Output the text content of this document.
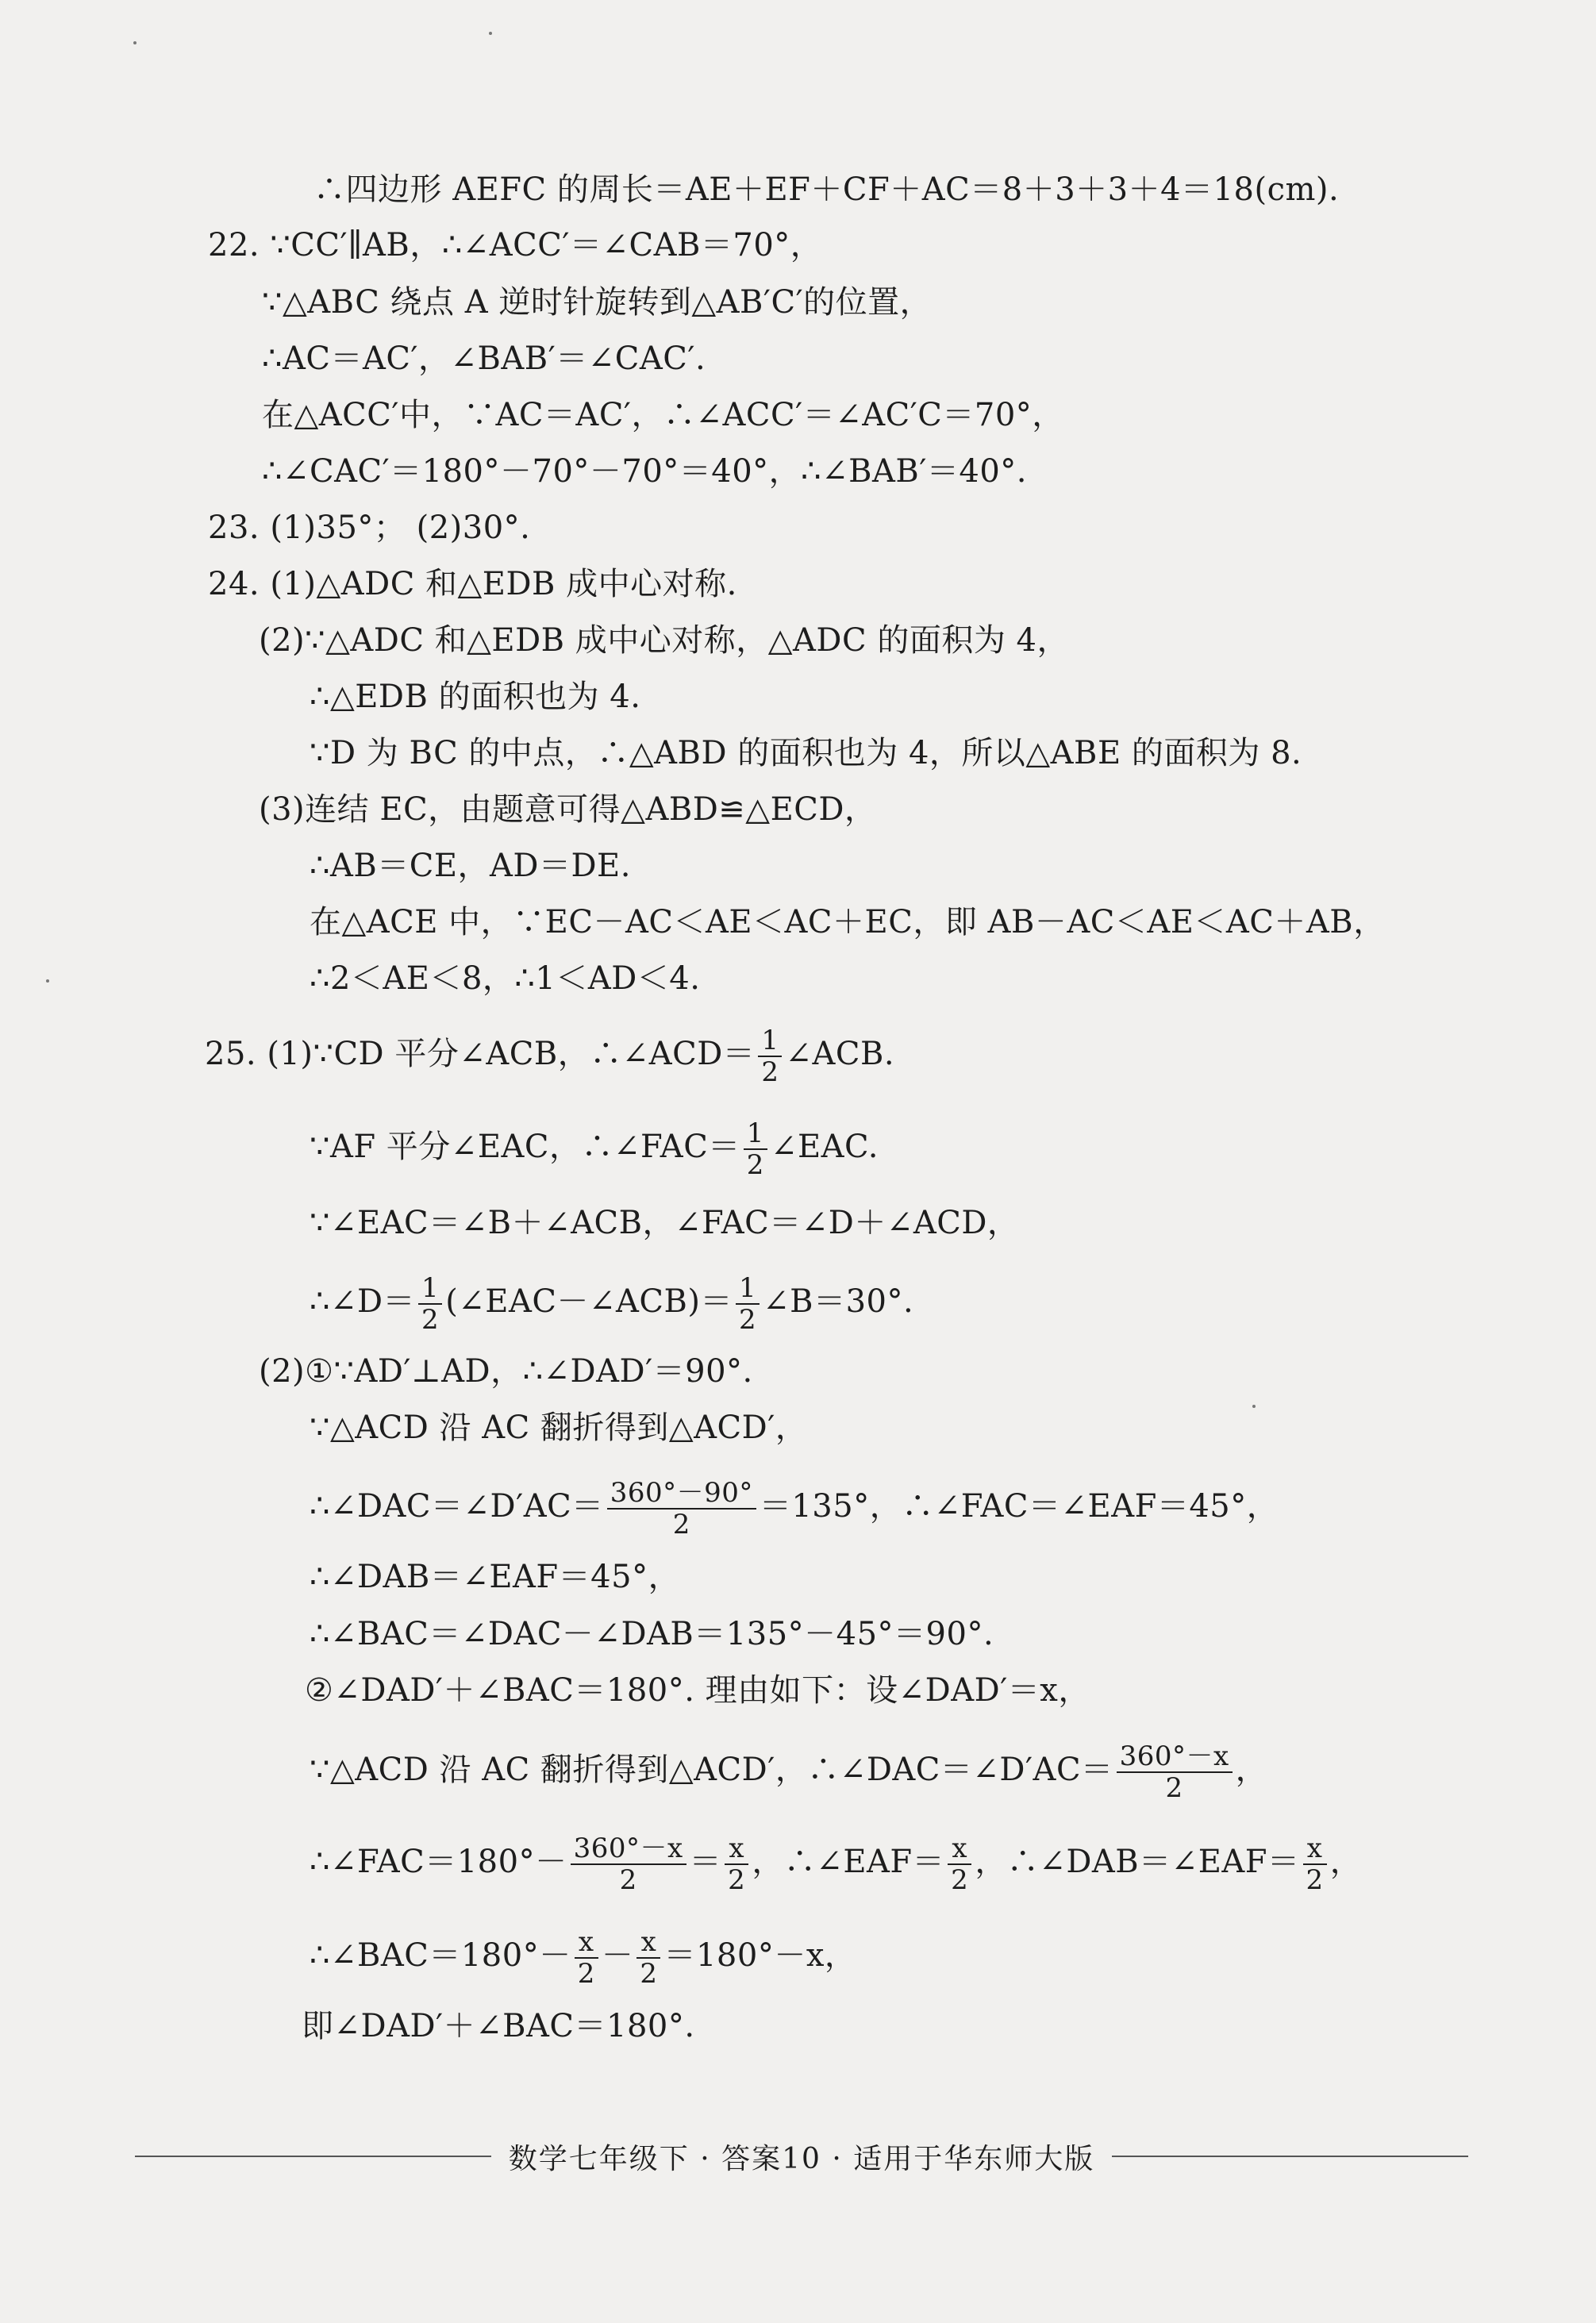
∴四边形 AEFC 的周长＝AE＋EF＋CF＋AC＝8＋3＋3＋4＝18(cm).
22. ∵CC′∥AB，∴∠ACC′＝∠CAB＝70°，
∵△ABC 绕点 A 逆时针旋转到△AB′C′的位置，
∴AC＝AC′，∠BAB′＝∠CAC′.
在△ACC′中，∵AC＝AC′，∴∠ACC′＝∠AC′C＝70°，
∴∠CAC′＝180°－70°－70°＝40°，∴∠BAB′＝40°.
23. (1)35°； (2)30°.
24. (1)△ADC 和△EDB 成中心对称.
(2)∵△ADC 和△EDB 成中心对称，△ADC 的面积为 4，
∴△EDB 的面积也为 4.
∵D 为 BC 的中点，∴△ABD 的面积也为 4，所以△ABE 的面积为 8.
(3)连结 EC，由题意可得△ABD≌△ECD，
∴AB＝CE，AD＝DE.
在△ACE 中，∵EC－AC＜AE＜AC＋EC，即 AB－AC＜AE＜AC＋AB，
∴2＜AE＜8，∴1＜AD＜4.
25. (1)∵CD 平分∠ACB，∴∠ACD＝ $\frac{1}{2}$ ∠ACB.
∵AF 平分∠EAC，∴∠FAC＝ $\frac{1}{2}$ ∠EAC.
∵∠EAC＝∠B＋∠ACB，∠FAC＝∠D＋∠ACD，
∴∠D＝ $\frac{1}{2}$ (∠EAC－∠ACB)＝ $\frac{1}{2}$ ∠B＝30°.
(2)①∵AD′⊥AD，∴∠DAD′＝90°.
∵△ACD 沿 AC 翻折得到△ACD′，
∴∠DAC＝∠D′AC＝ $\frac{360^\circ-90^\circ}{2} =135^\circ$，∴∠FAC＝∠EAF＝45°，
∴∠DAB＝∠EAF＝45°，
∴∠BAC＝∠DAC－∠DAB＝135°－45°＝90°.
②∠DAD′＋∠BAC＝180°. 理由如下：设∠DAD′＝x，
∵△ACD 沿 AC 翻折得到△ACD′，∴∠DAC＝∠D′AC＝ $\frac{360^\circ-x}{2}$ ，
∴∠FAC＝180°－ $\frac{360^\circ-x}{2} = \frac{x}{2}$ ，∴∠EAF＝ $\frac{x}{2}$ ，∴∠DAB＝∠EAF＝ $\frac{x}{2}$ ，
∴∠BAC＝180°－ $\frac{x}{2} - \frac{x}{2} =180^\circ-x$，
即∠DAD′＋∠BAC＝180°.
数学七年级下 · 答案10 · 适用于华东师大版
